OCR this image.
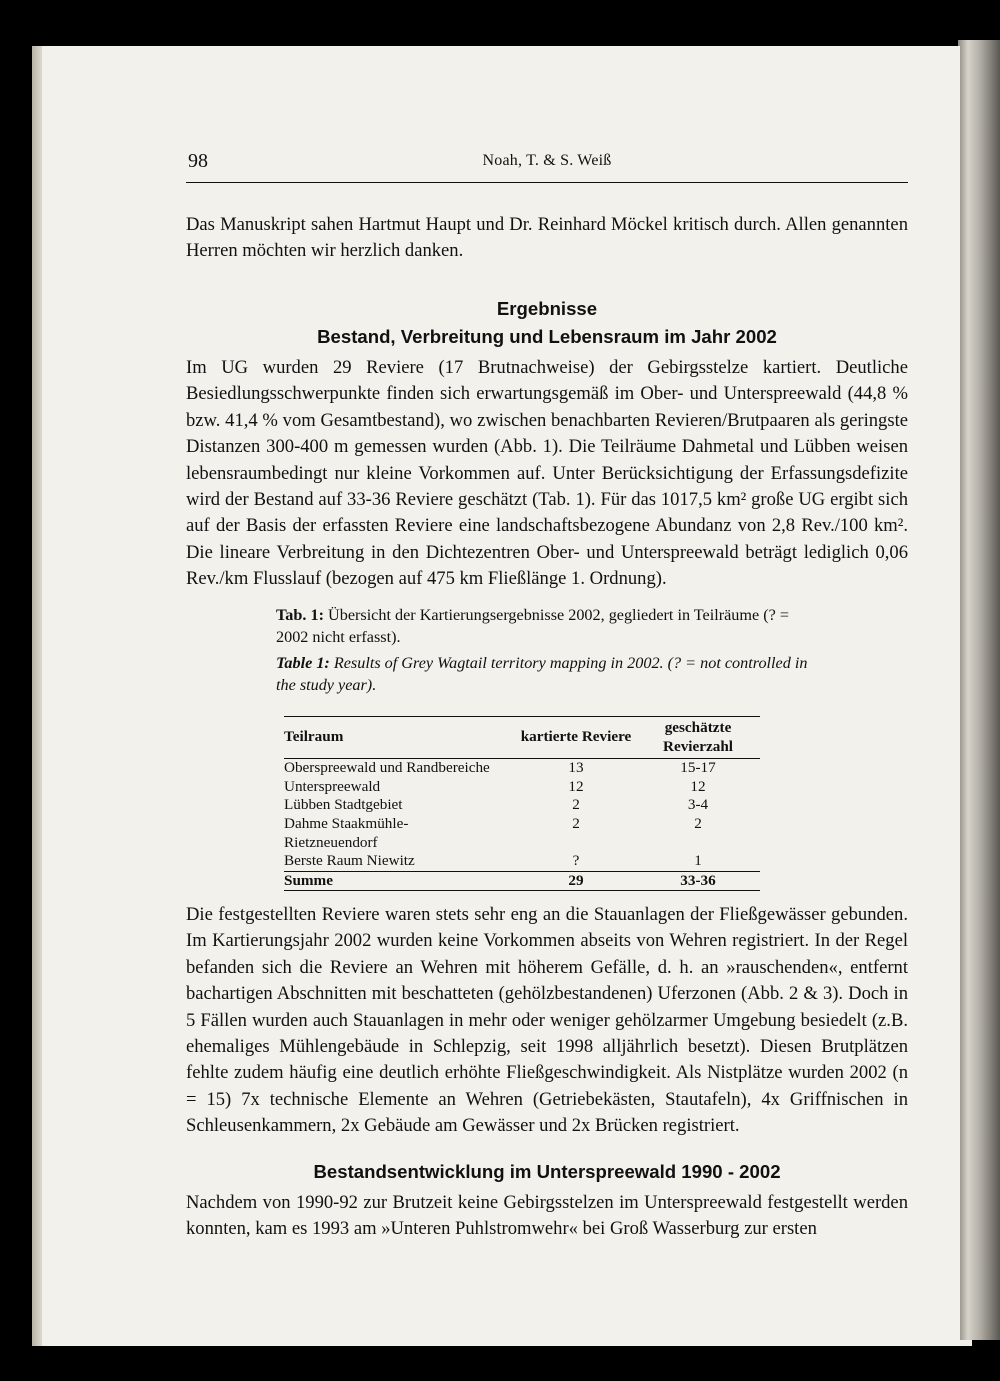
98	Noah, T. & S. Weiß
Das Manuskript sahen Hartmut Haupt und Dr. Reinhard Möckel kritisch durch. Allen genannten Herren möchten wir herzlich danken.
Ergebnisse
Bestand, Verbreitung und Lebensraum im Jahr 2002
Im UG wurden 29 Reviere (17 Brutnachweise) der Gebirgsstelze kartiert. Deutliche Besiedlungsschwerpunkte finden sich erwartungsgemäß im Ober- und Unterspreewald (44,8 % bzw. 41,4 % vom Gesamtbestand), wo zwischen benachbarten Revieren/Brutpaaren als geringste Distanzen 300-400 m gemessen wurden (Abb. 1). Die Teilräume Dahmetal und Lübben weisen lebensraumbedingt nur kleine Vorkommen auf. Unter Berücksichtigung der Erfassungsdefizite wird der Bestand auf 33-36 Reviere geschätzt (Tab. 1). Für das 1017,5 km² große UG ergibt sich auf der Basis der erfassten Reviere eine landschaftsbezogene Abundanz von 2,8 Rev./100 km². Die lineare Verbreitung in den Dichtezentren Ober- und Unterspreewald beträgt lediglich 0,06 Rev./km Flusslauf (bezogen auf 475 km Fließlänge 1. Ordnung).
Tab. 1: Übersicht der Kartierungsergebnisse 2002, gegliedert in Teilräume (? = 2002 nicht erfasst).
Table 1: Results of Grey Wagtail territory mapping in 2002. (? = not controlled in the study year).
Teilraum	kartierte Reviere	geschätzte Revierzahl
Oberspreewald und Randbereiche	13	15-17
Unterspreewald	12	12
Lübben Stadtgebiet	2	3-4
Dahme Staakmühle-	2	2
Rietzneuendorf		
Berste Raum Niewitz	?	1
Summe	29	33-36
Die festgestellten Reviere waren stets sehr eng an die Stauanlagen der Fließgewässer gebunden. Im Kartierungsjahr 2002 wurden keine Vorkommen abseits von Wehren registriert. In der Regel befanden sich die Reviere an Wehren mit höherem Gefälle, d. h. an »rauschenden«, entfernt bachartigen Abschnitten mit beschatteten (gehölzbestandenen) Uferzonen (Abb. 2 & 3). Doch in 5 Fällen wurden auch Stauanlagen in mehr oder weniger gehölzarmer Umgebung besiedelt (z.B. ehemaliges Mühlengebäude in Schlepzig, seit 1998 alljährlich besetzt). Diesen Brutplätzen fehlte zudem häufig eine deutlich erhöhte Fließgeschwindigkeit. Als Nistplätze wurden 2002 (n = 15) 7x technische Elemente an Wehren (Getriebekästen, Stautafeln), 4x Griffnischen in Schleusenkammern, 2x Gebäude am Gewässer und 2x Brücken registriert.
Bestandsentwicklung im Unterspreewald 1990 - 2002
Nachdem von 1990-92 zur Brutzeit keine Gebirgsstelzen im Unterspreewald festgestellt werden konnten, kam es 1993 am »Unteren Puhlstromwehr« bei Groß Wasserburg zur ersten
